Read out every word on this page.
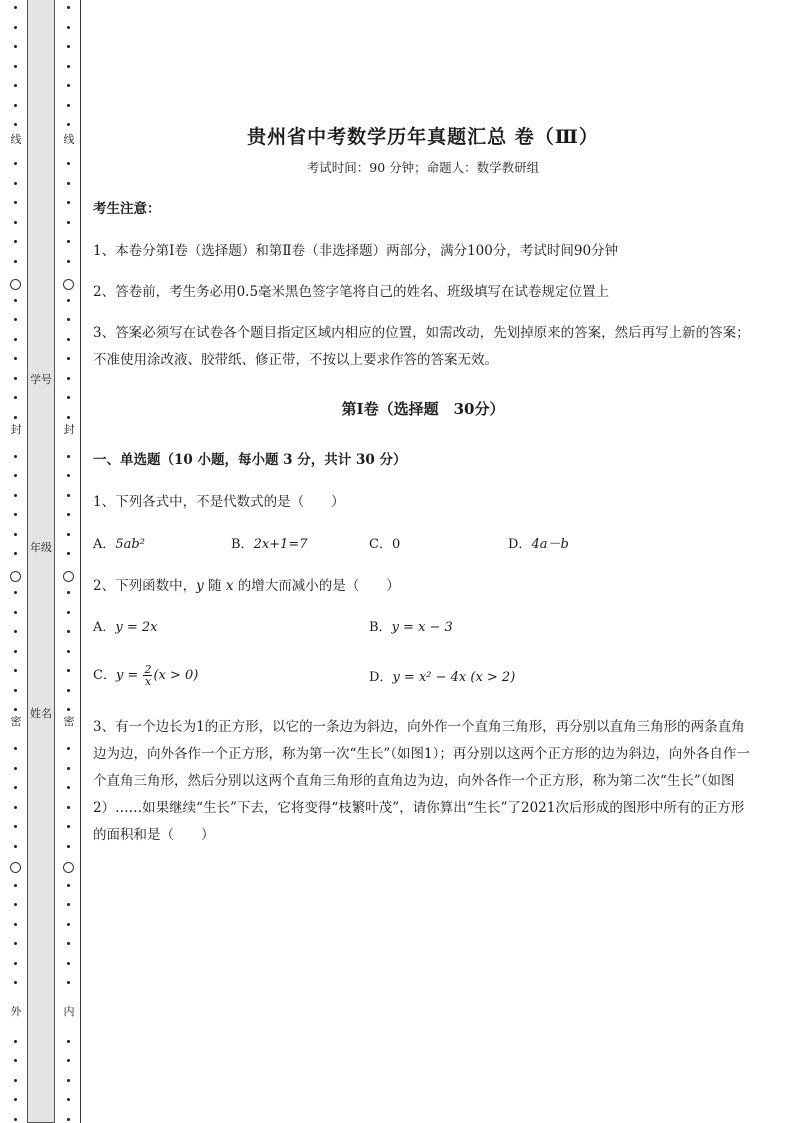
线
封
密
外
学号
年级
姓名
线
封
密
内
贵州省中考数学历年真题汇总 卷（Ⅲ）
考试时间：90 分钟；命题人：数学教研组
考生注意：
1、本卷分第Ⅰ卷（选择题）和第Ⅱ卷（非选择题）两部分，满分100分，考试时间90分钟
2、答卷前，考生务必用0.5毫米黑色签字笔将自己的姓名、班级填写在试卷规定位置上
3、答案必须写在试卷各个题目指定区域内相应的位置，如需改动，先划掉原来的答案，然后再写上新的答案；不准使用涂改液、胶带纸、修正带，不按以上要求作答的答案无效。
第Ⅰ卷（选择题　30分）
一、单选题（10 小题，每小题 3 分，共计 30 分）
1、下列各式中，不是代数式的是（　　）
A．5ab²	B．2x+1=7	C．0	D．4a－b
2、下列函数中，y 随 x 的增大而减小的是（　　）
A．y = 2x	B．y = x − 3
C．$y = \frac{2}{x} (x > 0)$	D．y = x² − 4x (x > 2)
3、有一个边长为1的正方形，以它的一条边为斜边，向外作一个直角三角形，再分别以直角三角形的两条直角边为边，向外各作一个正方形，称为第一次“生长”（如图1）；再分别以这两个正方形的边为斜边，向外各自作一个直角三角形，然后分别以这两个直角三角形的直角边为边，向外各作一个正方形，称为第二次“生长”（如图2）……如果继续“生长”下去，它将变得“枝繁叶茂”，请你算出“生长”了2021次后形成的图形中所有的正方形的面积和是（　　）
